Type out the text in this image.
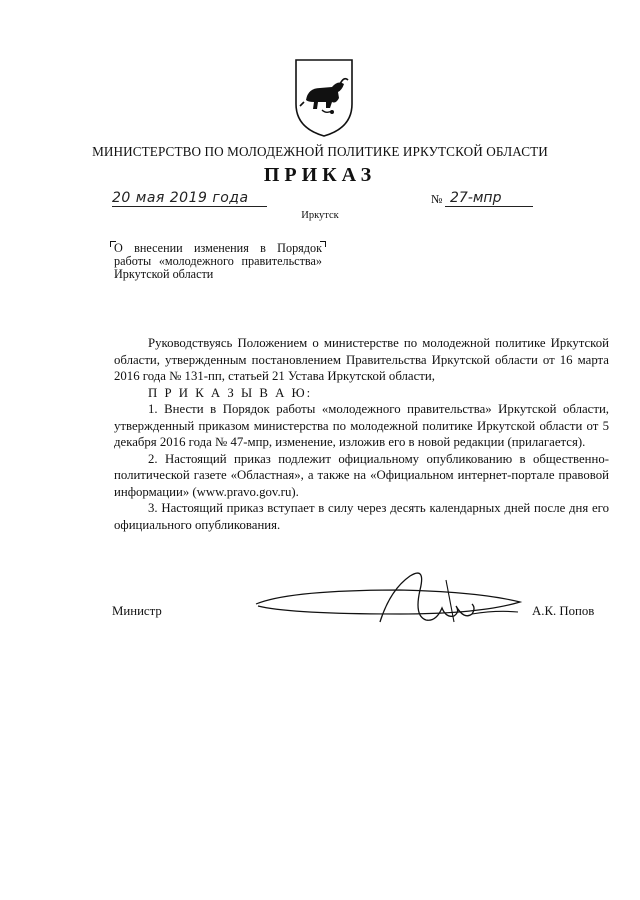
МИНИСТЕРСТВО ПО МОЛОДЕЖНОЙ ПОЛИТИКЕ ИРКУТСКОЙ ОБЛАСТИ
ПРИКАЗ
20 мая 2019 года	№ 27-мпр
Иркутск
О внесении изменения в Порядок работы «молодежного правительства» Иркутской области

Руководствуясь Положением о министерстве по молодежной политике Иркутской области, утвержденным постановлением Правительства Иркутской области от 16 марта 2016 года № 131-пп, статьей 21 Устава Иркутской области,

П Р И К А З Ы В А Ю:

1. Внести в Порядок работы «молодежного правительства» Иркутской области, утвержденный приказом министерства по молодежной политике Иркутской области от 5 декабря 2016 года № 47-мпр, изменение, изложив его в новой редакции (прилагается).

2. Настоящий приказ подлежит официальному опубликованию в общественно-политической газете «Областная», а также на «Официальном интернет-портале правовой информации» (www.pravo.gov.ru).

3. Настоящий приказ вступает в силу через десять календарных дней после дня его официального опубликования.

Министр	А.К. Попов
